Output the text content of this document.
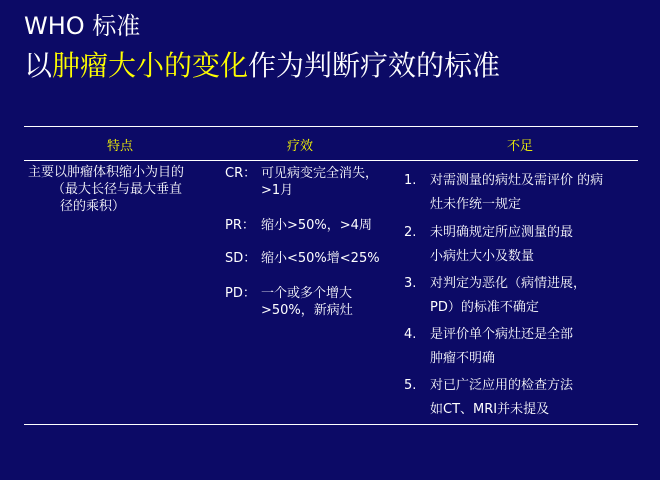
WHO 标准
以肿瘤大小的变化作为判断疗效的标准
特点	疗效	不足
主要以肿瘤体积缩小为目的
（最大长径与最大垂直
径的乘积）
CR： 可见病变完全消失，
>1月
PR： 缩小>50%，>4周
SD： 缩小<50%增<25%
PD： 一个或多个增大
>50%，新病灶
1. 对需测量的病灶及需评价 的病
灶未作统一规定
2. 未明确规定所应测量的最
小病灶大小及数量
3. 对判定为恶化（病情进展，
PD）的标准不确定
4. 是评价单个病灶还是全部
肿瘤不明确
5. 对已广泛应用的检查方法
如CT、MRI并未提及
